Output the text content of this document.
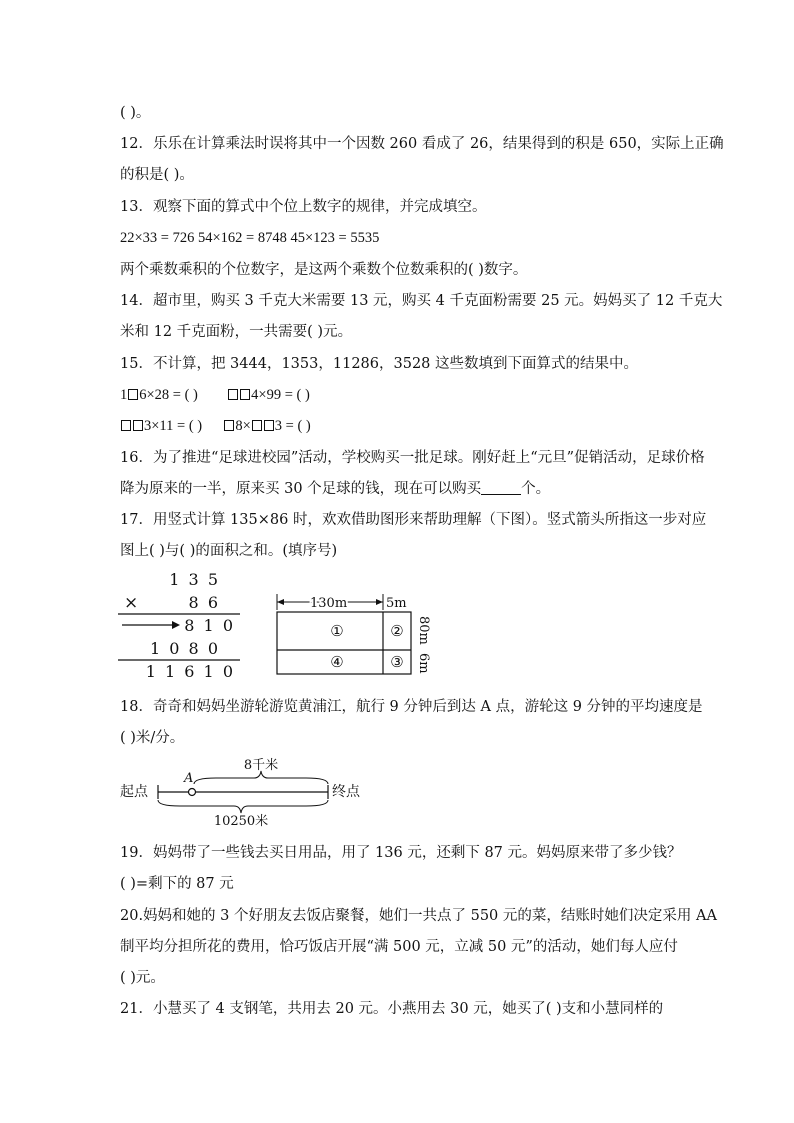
( )。
12．乐乐在计算乘法时误将其中一个因数 260 看成了 26，结果得到的积是 650，实际上正确
的积是( )。
13．观察下面的算式中个位上数字的规律，并完成填空。
22×33 = 726 54×162 = 8748 45×123 = 5535
两个乘数乘积的个位数字，是这两个乘数个位数乘积的( )数字。
14．超市里，购买 3 千克大米需要 13 元，购买 4 千克面粉需要 25 元。妈妈买了 12 千克大
米和 12 千克面粉，一共需要( )元。
15．不计算，把 3444，1353，11286，3528 这些数填到下面算式的结果中。
1 6×28 = ( )	4×99 = ( )
3×11 = ( ) 8× 3 = ( )
16．为了推进“足球进校园”活动，学校购买一批足球。刚好赶上“元旦”促销活动，足球价格
降为原来的一半，原来买 30 个足球的钱，现在可以购买	个。
17．用竖式计算 135×86 时，欢欢借助图形来帮助理解（下图）。竖式箭头所指这一步对应
图上( )与( )的面积之和。(填序号)
1 3 5
×	8 6
8 1 0
1 0 8 0
1 1 6 1 0
130m	5m
①	②
④	③
80m
6m
18．奇奇和妈妈坐游轮游览黄浦江，航行 9 分钟后到达 A 点，游轮这 9 分钟的平均速度是
( )米/分。
起点	终点
A
8千米
10250米
19．妈妈带了一些钱去买日用品，用了 136 元，还剩下 87 元。妈妈原来带了多少钱？
( )=剩下的 87 元
20.妈妈和她的 3 个好朋友去饭店聚餐，她们一共点了 550 元的菜，结账时她们决定采用 AA
制平均分担所花的费用，恰巧饭店开展“满 500 元，立减 50 元”的活动，她们每人应付
( )元。
21．小慧买了 4 支钢笔，共用去 20 元。小燕用去 30 元，她买了( )支和小慧同样的
